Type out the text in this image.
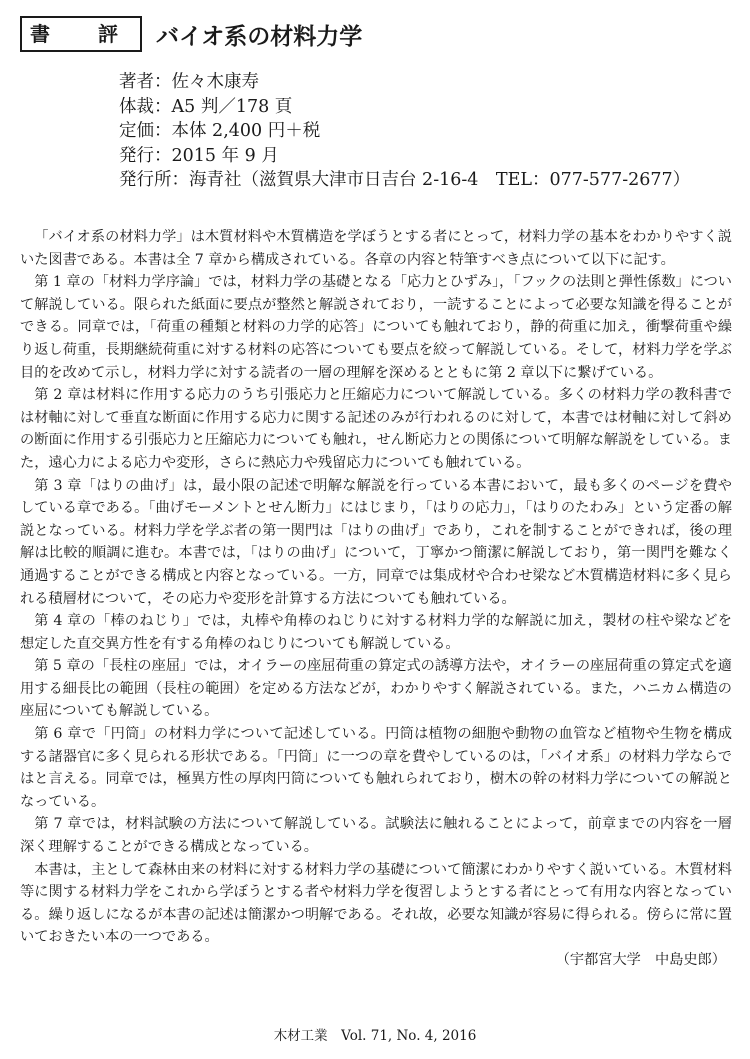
書　評	バイオ系の材料力学
著者：佐々木康寿
体裁：A5 判／178 頁
定価：本体 2,400 円＋税
発行：2015 年 9 月
発行所：海青社（滋賀県大津市日吉台 2-16-4　TEL：077-577-2677）

「バイオ系の材料力学」は木質材料や木質構造を学ぼうとする者にとって，材料力学の基本をわかりやすく説いた図書である。本書は全 7 章から構成されている。各章の内容と特筆すべき点について以下に記す。

第 1 章の「材料力学序論」では，材料力学の基礎となる「応力とひずみ」，「フックの法則と弾性係数」について解説している。限られた紙面に要点が整然と解説されており，一読することによって必要な知識を得ることができる。同章では，「荷重の種類と材料の力学的応答」についても触れており，静的荷重に加え，衝撃荷重や繰り返し荷重，長期継続荷重に対する材料の応答についても要点を絞って解説している。そして，材料力学を学ぶ目的を改めて示し，材料力学に対する読者の一層の理解を深めるとともに第 2 章以下に繋げている。

第 2 章は材料に作用する応力のうち引張応力と圧縮応力について解説している。多くの材料力学の教科書では材軸に対して垂直な断面に作用する応力に関する記述のみが行われるのに対して，本書では材軸に対して斜めの断面に作用する引張応力と圧縮応力についても触れ，せん断応力との関係について明解な解説をしている。また，遠心力による応力や変形，さらに熱応力や残留応力についても触れている。

第 3 章「はりの曲げ」は，最小限の記述で明解な解説を行っている本書において，最も多くのページを費やしている章である。「曲げモーメントとせん断力」にはじまり，「はりの応力」，「はりのたわみ」という定番の解説となっている。材料力学を学ぶ者の第一関門は「はりの曲げ」であり，これを制することができれば，後の理解は比較的順調に進む。本書では，「はりの曲げ」について，丁寧かつ簡潔に解説しており，第一関門を難なく通過することができる構成と内容となっている。一方，同章では集成材や合わせ梁など木質構造材料に多く見られる積層材について，その応力や変形を計算する方法についても触れている。

第 4 章の「棒のねじり」では，丸棒や角棒のねじりに対する材料力学的な解説に加え，製材の柱や梁などを想定した直交異方性を有する角棒のねじりについても解説している。

第 5 章の「長柱の座屈」では，オイラーの座屈荷重の算定式の誘導方法や，オイラーの座屈荷重の算定式を適用する細長比の範囲（長柱の範囲）を定める方法などが，わかりやすく解説されている。また，ハニカム構造の座屈についても解説している。

第 6 章で「円筒」の材料力学について記述している。円筒は植物の細胞や動物の血管など植物や生物を構成する諸器官に多く見られる形状である。「円筒」に一つの章を費やしているのは，「バイオ系」の材料力学ならではと言える。同章では，極異方性の厚肉円筒についても触れられており，樹木の幹の材料力学についての解説となっている。

第 7 章では，材料試験の方法について解説している。試験法に触れることによって，前章までの内容を一層深く理解することができる構成となっている。

本書は，主として森林由来の材料に対する材料力学の基礎について簡潔にわかりやすく説いている。木質材料等に関する材料力学をこれから学ぼうとする者や材料力学を復習しようとする者にとって有用な内容となっている。繰り返しになるが本書の記述は簡潔かつ明解である。それ故，必要な知識が容易に得られる。傍らに常に置いておきたい本の一つである。

（宇都宮大学　中島史郎）
木材工業　Vol. 71, No. 4, 2016
